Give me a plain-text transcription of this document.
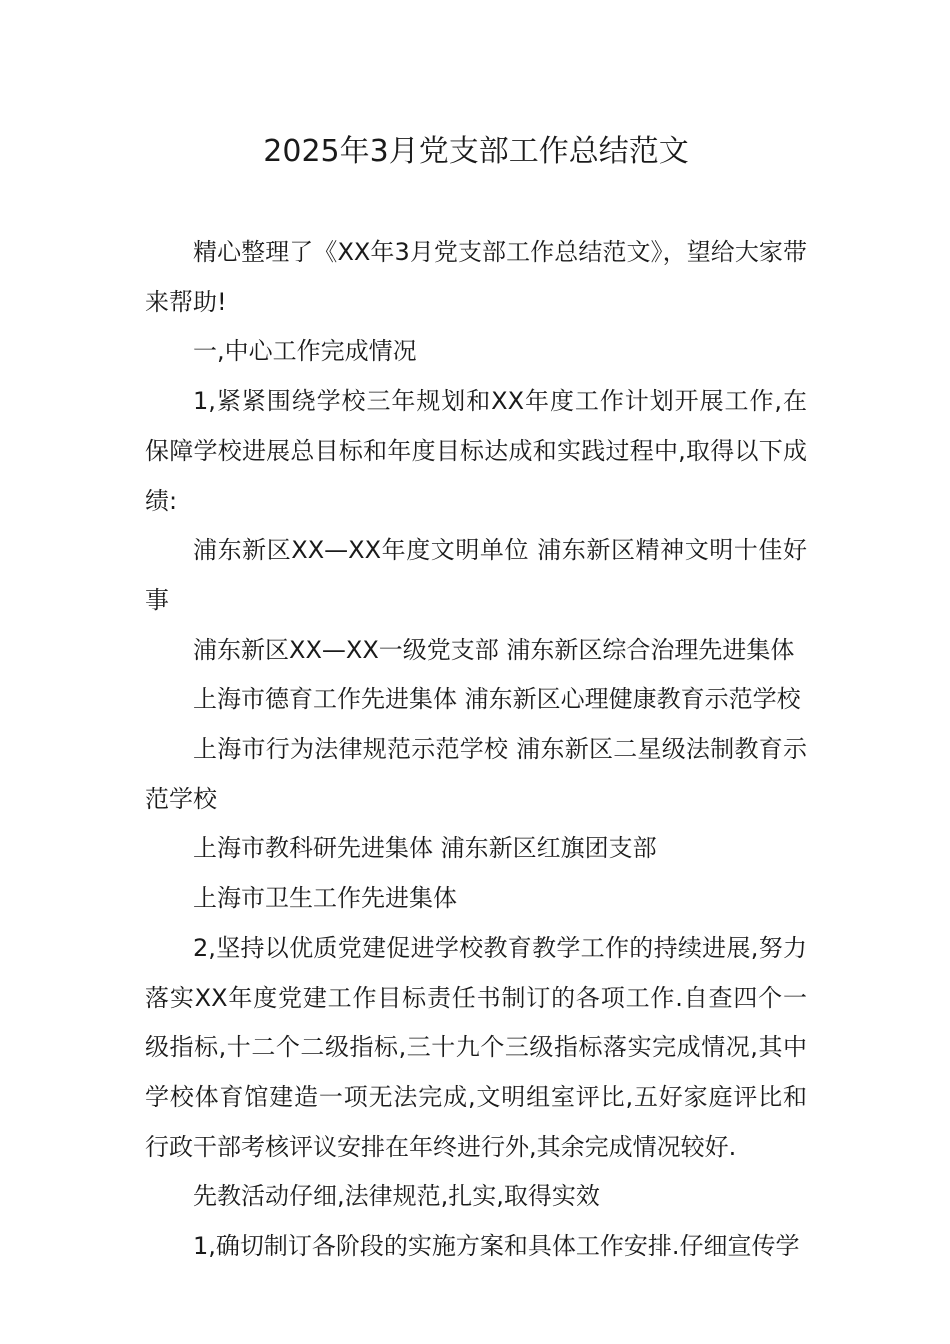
2025年3月党支部工作总结范文

精心整理了《XX年3月党支部工作总结范文》，望给大家带来帮助!

一,中心工作完成情况

1,紧紧围绕学校三年规划和XX年度工作计划开展工作,在保障学校进展总目标和年度目标达成和实践过程中,取得以下成绩:

浦东新区XX—XX年度文明单位 浦东新区精神文明十佳好事

浦东新区XX—XX一级党支部 浦东新区综合治理先进集体

上海市德育工作先进集体 浦东新区心理健康教育示范学校

上海市行为法律规范示范学校 浦东新区二星级法制教育示范学校

上海市教科研先进集体 浦东新区红旗团支部

上海市卫生工作先进集体

2,坚持以优质党建促进学校教育教学工作的持续进展,努力落实XX年度党建工作目标责任书制订的各项工作.自查四个一级指标,十二个二级指标,三十九个三级指标落实完成情况,其中学校体育馆建造一项无法完成,文明组室评比,五好家庭评比和行政干部考核评议安排在年终进行外,其余完成情况较好.

先教活动仔细,法律规范,扎实,取得实效

1,确切制订各阶段的实施方案和具体工作安排.仔细宣传学
